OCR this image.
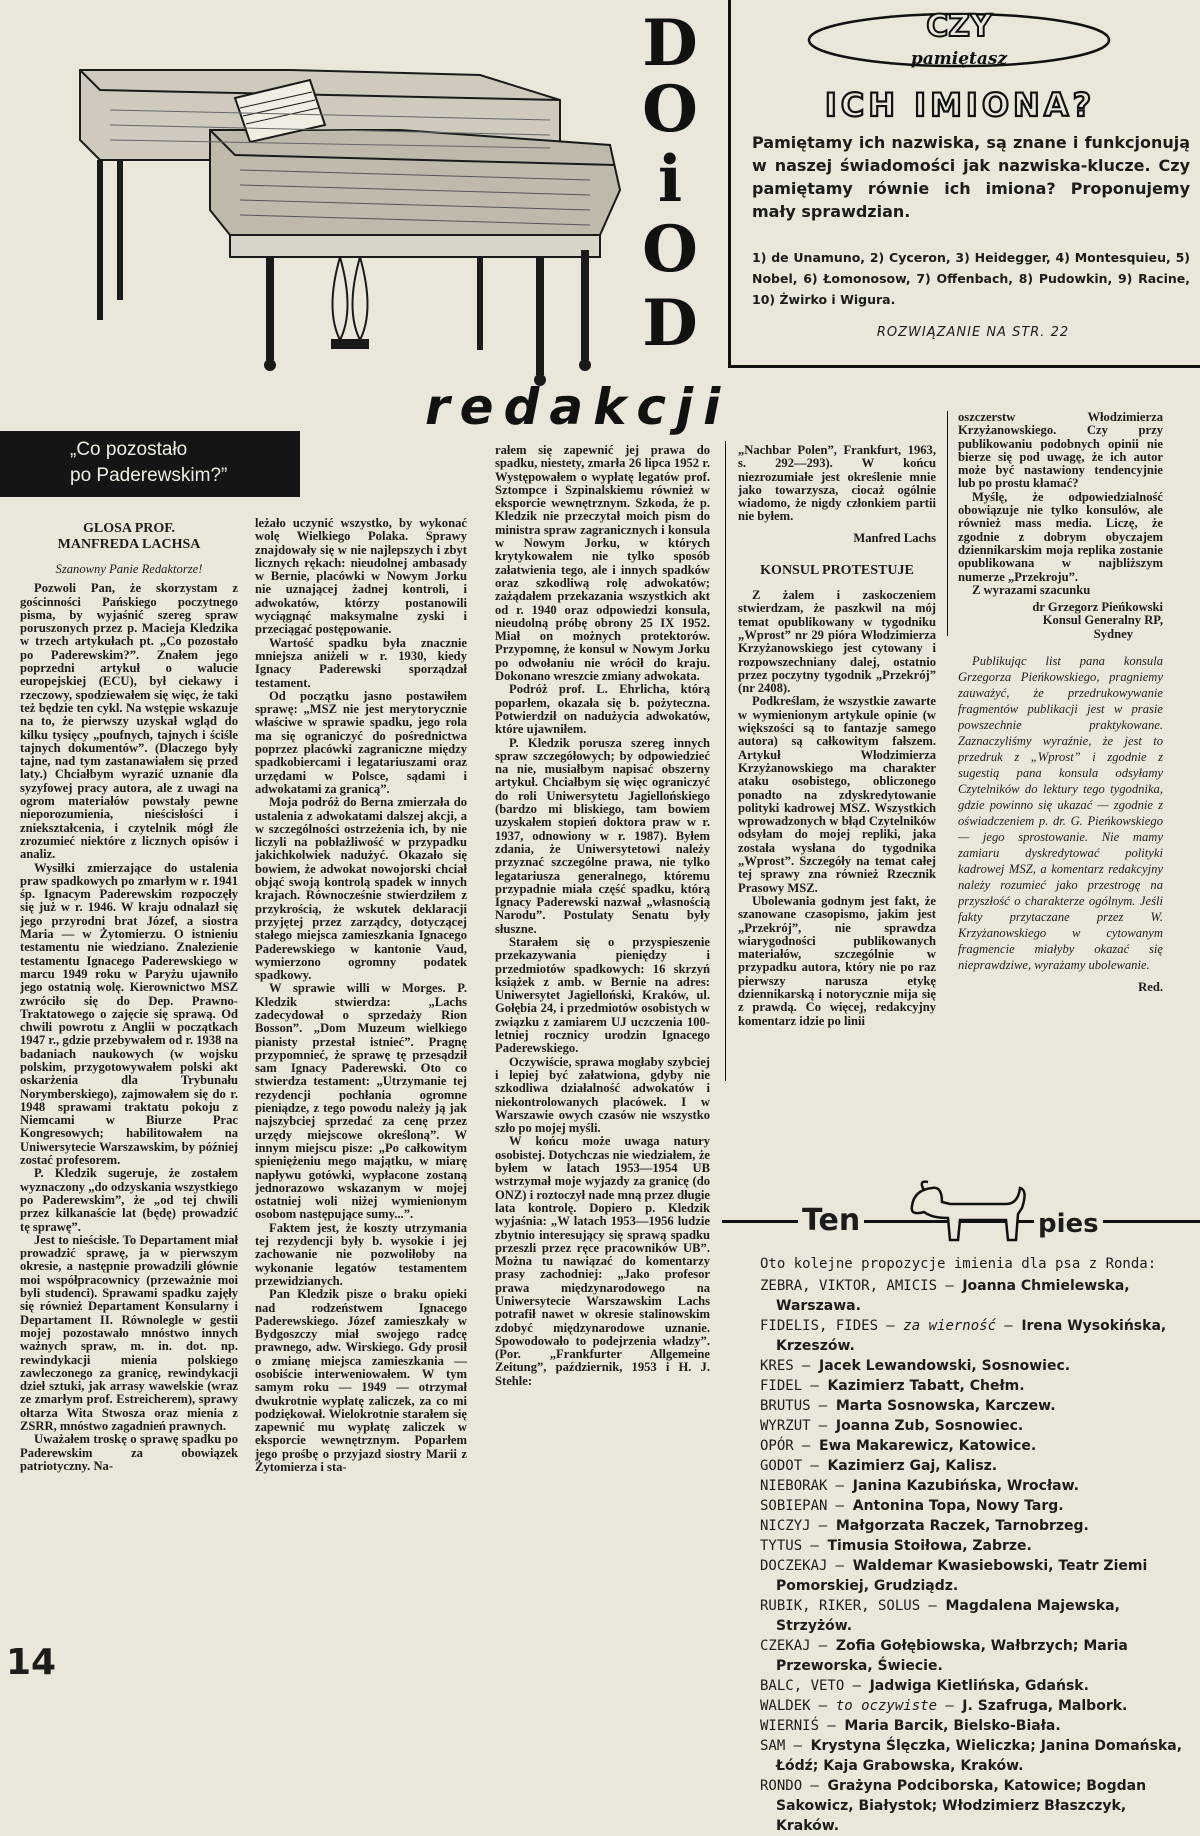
D
O
i
O
D
redakcji
CZY
pamiętasz
ICH IMIONA?
Pamiętamy ich nazwiska, są znane i funkcjonują w naszej świadomości jak nazwiska-klucze. Czy pamiętamy równie ich imiona? Proponujemy mały sprawdzian.
1) de Unamuno, 2) Cyceron, 3) Heidegger, 4) Montesquieu, 5) Nobel, 6) Łomonosow, 7) Offenbach, 8) Pudowkin, 9) Racine, 10) Żwirko i Wigura.
ROZWIĄZANIE NA STR. 22
„Co pozostało
po Paderewskim?”
GLOSA PROF.
MANFREDA LACHSA

Szanowny Panie Redaktorze!

Pozwoli Pan, że skorzystam z gościnności Pańskiego poczytnego pisma, by wyjaśnić szereg spraw poruszonych przez p. Macieja Kledzika w trzech artykułach pt. „Co pozostało po Paderewskim?”. Znałem jego poprzedni artykuł o walucie europejskiej (ECU), był ciekawy i rzeczowy, spodziewałem się więc, że taki też będzie ten cykl. Na wstępie wskazuje na to, że pierwszy uzyskał wgląd do kilku tysięcy „poufnych, tajnych i ściśle tajnych dokumentów”. (Dlaczego były tajne, nad tym zastanawiałem się przed laty.) Chciałbym wyrazić uznanie dla syzyfowej pracy autora, ale z uwagi na ogrom materiałów powstały pewne nieporozumienia, nieścisłości i zniekształcenia, i czytelnik mógł źle zrozumieć niektóre z licznych opisów i analiz.

Wysiłki zmierzające do ustalenia praw spadkowych po zmarłym w r. 1941 śp. Ignacym Paderewskim rozpoczęły się już w r. 1946. W kraju odnalazł się jego przyrodni brat Józef, a siostra Maria — w Żytomierzu. O istnieniu testamentu nie wiedziano. Znalezienie testamentu Ignacego Paderewskiego w marcu 1949 roku w Paryżu ujawniło jego ostatnią wolę. Kierownictwo MSZ zwróciło się do Dep. Prawno-Traktatowego o zajęcie się sprawą. Od chwili powrotu z Anglii w początkach 1947 r., gdzie przebywałem od r. 1938 na badaniach naukowych (w wojsku polskim, przygotowywałem polski akt oskarżenia dla Trybunału Norymberskiego), zajmowałem się do r. 1948 sprawami traktatu pokoju z Niemcami w Biurze Prac Kongresowych; habilitowałem na Uniwersytecie Warszawskim, by później zostać profesorem.

P. Kledzik sugeruje, że zostałem wyznaczony „do odzyskania wszystkiego po Paderewskim”, że „od tej chwili przez kilkanaście lat (będę) prowadzić tę sprawę”.

Jest to nieścisłe. To Departament miał prowadzić sprawę, ja w pierwszym okresie, a następnie prowadzili głównie moi współpracownicy (przeważnie moi byli studenci). Sprawami spadku zajęły się również Departament Konsularny i Departament II. Równolegle w gestii mojej pozostawało mnóstwo innych ważnych spraw, m. in. dot. np. rewindykacji mienia polskiego zawleczonego za granicę, rewindykacji dzieł sztuki, jak arrasy wawelskie (wraz ze zmarłym prof. Estreicherem), sprawy ołtarza Wita Stwosza oraz mienia z ZSRR, mnóstwo zagadnień prawnych.

Uważałem troskę o sprawę spadku po Paderewskim za obowiązek patriotyczny. Na-

leżało uczynić wszystko, by wykonać wolę Wielkiego Polaka. Sprawy znajdowały się w nie najlepszych i zbyt licznych rękach: nieudolnej ambasady w Bernie, placówki w Nowym Jorku nie uznającej żadnej kontroli, i adwokatów, którzy postanowili wyciągnąć maksymalne zyski i przeciągać postępowanie.

Wartość spadku była znacznie mniejsza aniżeli w r. 1930, kiedy Ignacy Paderewski sporządzał testament.

Od początku jasno postawiłem sprawę: „MSZ nie jest merytorycznie właściwe w sprawie spadku, jego rola ma się ograniczyć do pośrednictwa poprzez placówki zagraniczne między spadkobiercami i legatariuszami oraz urzędami w Polsce, sądami i adwokatami za granicą”.

Moja podróż do Berna zmierzała do ustalenia z adwokatami dalszej akcji, a w szczególności ostrzeżenia ich, by nie liczyli na pobłażliwość w przypadku jakichkolwiek nadużyć. Okazało się bowiem, że adwokat nowojorski chciał objąć swoją kontrolą spadek w innych krajach. Równocześnie stwierdziłem z przykrością, że wskutek deklaracji przyjętej przez zarządcy, dotyczącej stałego miejsca zamieszkania Ignacego Paderewskiego w kantonie Vaud, wymierzono ogromny podatek spadkowy.

W sprawie willi w Morges. P. Kledzik stwierdza: „Lachs zadecydował o sprzedaży Rion Bosson”. „Dom Muzeum wielkiego pianisty przestał istnieć”. Pragnę przypomnieć, że sprawę tę przesądził sam Ignacy Paderewski. Oto co stwierdza testament: „Utrzymanie tej rezydencji pochłania ogromne pieniądze, z tego powodu należy ją jak najszybciej sprzedać za cenę przez urzędy miejscowe określoną”. W innym miejscu pisze: „Po całkowitym spieniężeniu mego majątku, w miarę napływu gotówki, wypłacone zostaną jednorazowo wskazanym w mojej ostatniej woli niżej wymienionym osobom następujące sumy...”.

Faktem jest, że koszty utrzymania tej rezydencji były b. wysokie i jej zachowanie nie pozwoliłoby na wykonanie legatów testamentem przewidzianych.

Pan Kledzik pisze o braku opieki nad rodzeństwem Ignacego Paderewskiego. Józef zamieszkały w Bydgoszczy miał swojego radcę prawnego, adw. Wirskiego. Gdy prosił o zmianę miejsca zamieszkania — osobiście interweniowałem. W tym samym roku — 1949 — otrzymał dwukrotnie wypłatę zaliczek, za co mi podziękował. Wielokrotnie starałem się zapewnić mu wypłatę zaliczek w eksporcie wewnętrznym. Poparłem jego prośbę o przyjazd siostry Marii z Żytomierza i sta-

rałem się zapewnić jej prawa do spadku, niestety, zmarła 26 lipca 1952 r. Występowałem o wypłatę legatów prof. Sztompce i Szpinalskiemu również w eksporcie wewnętrznym. Szkoda, że p. Kledzik nie przeczytał moich pism do ministra spraw zagranicznych i konsula w Nowym Jorku, w których krytykowałem nie tylko sposób załatwienia tego, ale i innych spadków oraz szkodliwą rolę adwokatów; zażądałem przekazania wszystkich akt od r. 1940 oraz odpowiedzi konsula, nieudolną próbę obrony 25 IX 1952. Miał on możnych protektorów. Przypomnę, że konsul w Nowym Jorku po odwołaniu nie wrócił do kraju. Dokonano wreszcie zmiany adwokata.

Podróż prof. L. Ehrlicha, którą poparłem, okazała się b. pożyteczna. Potwierdził on nadużycia adwokatów, które ujawniłem.

P. Kledzik porusza szereg innych spraw szczegółowych; by odpowiedzieć na nie, musiałbym napisać obszerny artykuł. Chciałbym się więc ograniczyć do roli Uniwersytetu Jagiellońskiego (bardzo mi bliskiego, tam bowiem uzyskałem stopień doktora praw w r. 1937, odnowiony w r. 1987). Byłem zdania, że Uniwersytetowi należy przyznać szczególne prawa, nie tylko legatariusza generalnego, któremu przypadnie miała część spadku, którą Ignacy Paderewski nazwał „własnością Narodu”. Postulaty Senatu były słuszne.

Starałem się o przyspieszenie przekazywania pieniędzy i przedmiotów spadkowych: 16 skrzyń książek z amb. w Bernie na adres: Uniwersytet Jagielloński, Kraków, ul. Gołębia 24, i przedmiotów osobistych w związku z zamiarem UJ uczczenia 100-letniej rocznicy urodzin Ignacego Paderewskiego.

Oczywiście, sprawa mogłaby szybciej i lepiej być załatwiona, gdyby nie szkodliwa działalność adwokatów i niekontrolowanych placówek. I w Warszawie owych czasów nie wszystko szło po mojej myśli.

W końcu może uwaga natury osobistej. Dotychczas nie wiedziałem, że byłem w latach 1953—1954 UB wstrzymał moje wyjazdy za granicę (do ONZ) i roztoczył nade mną przez długie lata kontrolę. Dopiero p. Kledzik wyjaśnia: „W latach 1953—1956 ludzie zbytnio interesujący się sprawą spadku przeszli przez ręce pracowników UB”. Można tu nawiązać do komentarzy prasy zachodniej: „Jako profesor prawa międzynarodowego na Uniwersytecie Warszawskim Lachs potrafił nawet w okresie stalinowskim zdobyć międzynarodowe uznanie. Spowodowało to podejrzenia władzy”. (Por. „Frankfurter Allgemeine Zeitung”, październik, 1953 i H. J. Stehle:

„Nachbar Polen”, Frankfurt, 1963, s. 292—293). W końcu niezrozumiałe jest określenie mnie jako towarzysza, ciocaż ogólnie wiadomo, że nigdy członkiem partii nie byłem.

Manfred Lachs

KONSUL PROTESTUJE

Z żalem i zaskoczeniem stwierdzam, że paszkwil na mój temat opublikowany w tygodniku „Wprost” nr 29 pióra Włodzimierza Krzyżanowskiego jest cytowany i rozpowszechniany dalej, ostatnio przez poczytny tygodnik „Przekrój” (nr 2408).

Podkreślam, że wszystkie zawarte w wymienionym artykule opinie (w większości są to fantazje samego autora) są całkowitym fałszem. Artykuł Włodzimierza Krzyżanowskiego ma charakter ataku osobistego, obliczonego ponadto na zdyskredytowanie polityki kadrowej MSZ. Wszystkich wprowadzonych w błąd Czytelników odsyłam do mojej repliki, jaka została wysłana do tygodnika „Wprost”. Szczegóły na temat całej tej sprawy zna również Rzecznik Prasowy MSZ.

Ubolewania godnym jest fakt, że szanowane czasopismo, jakim jest „Przekrój”, nie sprawdza wiarygodności publikowanych materiałów, szczególnie w przypadku autora, który nie po raz pierwszy narusza etykę dziennikarską i notorycznie mija się z prawdą. Co więcej, redakcyjny komentarz idzie po linii

oszczerstw Włodzimierza Krzyżanowskiego. Czy przy publikowaniu podobnych opinii nie bierze się pod uwagę, że ich autor może być nastawiony tendencyjnie lub po prostu kłamać?

Myślę, że odpowiedzialność obowiązuje nie tylko konsulów, ale również mass media. Liczę, że zgodnie z dobrym obyczajem dziennikarskim moja replika zostanie opublikowana w najbliższym numerze „Przekroju”.

Z wyrazami szacunku

dr Grzegorz Pieńkowski

Konsul Generalny RP,

Sydney

Publikując list pana konsula Grzegorza Pieńkowskiego, pragniemy zauważyć, że przedrukowywanie fragmentów publikacji jest w prasie powszechnie praktykowane. Zaznaczyliśmy wyraźnie, że jest to przedruk z „Wprost” i zgodnie z sugestią pana konsula odsyłamy Czytelników do lektury tego tygodnika, gdzie powinno się ukazać — zgodnie z oświadczeniem p. dr. G. Pieńkowskiego — jego sprostowanie. Nie mamy zamiaru dyskredytować polityki kadrowej MSZ, a komentarz redakcyjny należy rozumieć jako przestrogę na przyszłość o charakterze ogólnym. Jeśli fakty przytaczane przez W. Krzyżanowskiego w cytowanym fragmencie miałyby okazać się nieprawdziwe, wyrażamy ubolewanie.

Red.

Ten	pies

Oto kolejne propozycje imienia dla psa z Ronda:

ZEBRA, VIKTOR, AMICIS — Joanna Chmielewska, Warszawa.

FIDELIS, FIDES — za wierność — Irena Wysokińska, Krzeszów.

KRES — Jacek Lewandowski, Sosnowiec.

FIDEL — Kazimierz Tabatt, Chełm.

BRUTUS — Marta Sosnowska, Karczew.

WYRZUT — Joanna Zub, Sosnowiec.

OPÓR — Ewa Makarewicz, Katowice.

GODOT — Kazimierz Gaj, Kalisz.

NIEBORAK — Janina Kazubińska, Wrocław.

SOBIEPAN — Antonina Topa, Nowy Targ.

NICZYJ — Małgorzata Raczek, Tarnobrzeg.

TYTUS — Timusia Stoiłowa, Zabrze.

DOCZEKAJ — Waldemar Kwasiebowski, Teatr Ziemi Pomorskiej, Grudziądz.

RUBIK, RIKER, SOLUS — Magdalena Majewska, Strzyżów.

CZEKAJ — Zofia Gołębiowska, Wałbrzych; Maria Przeworska, Świecie.

BALC, VETO — Jadwiga Kietlińska, Gdańsk.

WALDEK — to oczywiste — J. Szafruga, Malbork.

WIERNIŚ — Maria Barcik, Bielsko-Biała.

SAM — Krystyna Ślęczka, Wieliczka; Janina Domańska, Łódź; Kaja Grabowska, Kraków.

RONDO — Grażyna Podciborska, Katowice; Bogdan Sakowicz, Białystok; Włodzimierz Błaszczyk, Kraków.

14
